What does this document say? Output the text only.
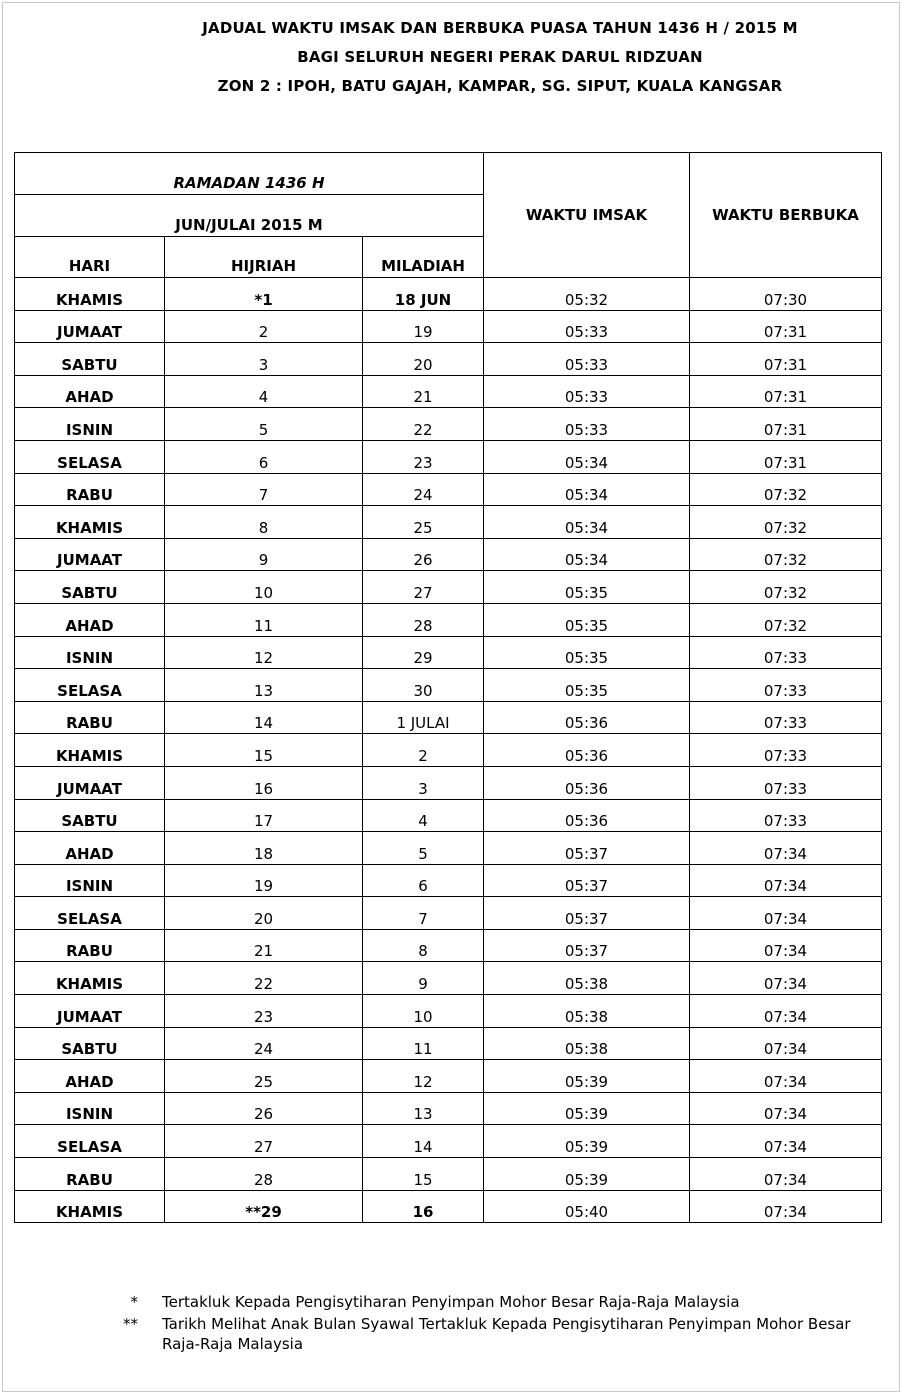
JADUAL WAKTU IMSAK DAN BERBUKA PUASA TAHUN 1436 H / 2015 M
BAGI SELURUH NEGERI PERAK DARUL RIDZUAN
ZON 2 : IPOH, BATU GAJAH, KAMPAR, SG. SIPUT, KUALA KANGSAR
RAMADAN 1436 H			WAKTU IMSAK	WAKTU BERBUKA
JUN/JULAI 2015 M				
HARI	HIJRIAH	MILADIAH		
KHAMIS	*1	18 JUN	05:32	07:30
JUMAAT	2	19	05:33	07:31
SABTU	3	20	05:33	07:31
AHAD	4	21	05:33	07:31
ISNIN	5	22	05:33	07:31
SELASA	6	23	05:34	07:31
RABU	7	24	05:34	07:32
KHAMIS	8	25	05:34	07:32
JUMAAT	9	26	05:34	07:32
SABTU	10	27	05:35	07:32
AHAD	11	28	05:35	07:32
ISNIN	12	29	05:35	07:33
SELASA	13	30	05:35	07:33
RABU	14	1 JULAI	05:36	07:33
KHAMIS	15	2	05:36	07:33
JUMAAT	16	3	05:36	07:33
SABTU	17	4	05:36	07:33
AHAD	18	5	05:37	07:34
ISNIN	19	6	05:37	07:34
SELASA	20	7	05:37	07:34
RABU	21	8	05:37	07:34
KHAMIS	22	9	05:38	07:34
JUMAAT	23	10	05:38	07:34
SABTU	24	11	05:38	07:34
AHAD	25	12	05:39	07:34
ISNIN	26	13	05:39	07:34
SELASA	27	14	05:39	07:34
RABU	28	15	05:39	07:34
KHAMIS	**29	16	05:40	07:34
* Tertakluk Kepada Pengisytiharan Penyimpan Mohor Besar Raja-Raja Malaysia
** Tarikh Melihat Anak Bulan Syawal Tertakluk Kepada Pengisytiharan Penyimpan Mohor Besar Raja-Raja Malaysia
